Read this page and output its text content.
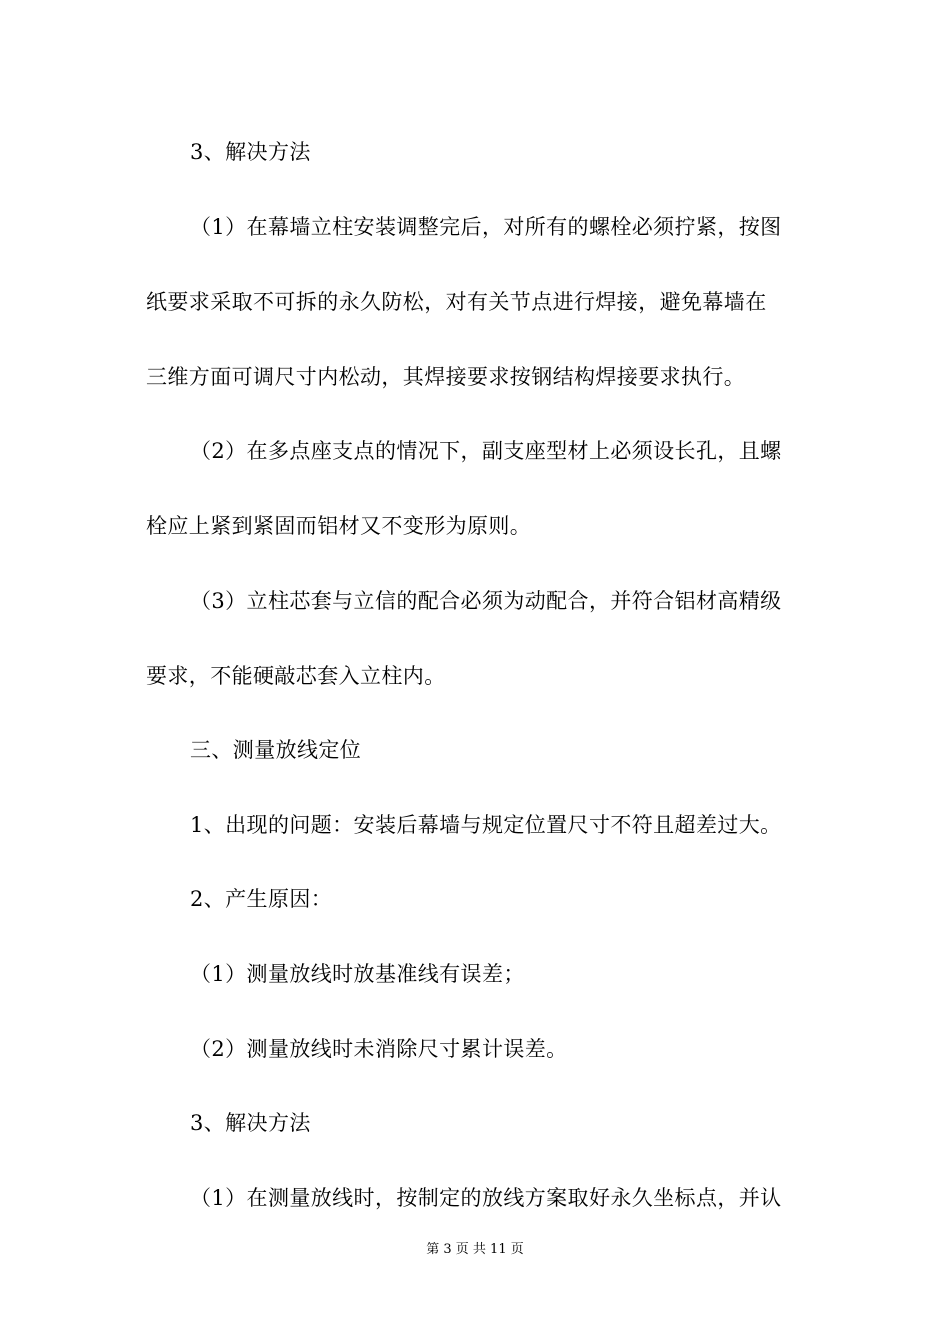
3、解决方法
（1）在幕墙立柱安装调整完后，对所有的螺栓必须拧紧，按图
纸要求采取不可拆的永久防松，对有关节点进行焊接，避免幕墙在
三维方面可调尺寸内松动，其焊接要求按钢结构焊接要求执行。
（2）在多点座支点的情况下，副支座型材上必须设长孔，且螺
栓应上紧到紧固而铝材又不变形为原则。
（3）立柱芯套与立信的配合必须为动配合，并符合铝材高精级
要求，不能硬敲芯套入立柱内。
三、测量放线定位
1、出现的问题：安装后幕墙与规定位置尺寸不符且超差过大。
2、产生原因：
（1）测量放线时放基准线有误差；
（2）测量放线时未消除尺寸累计误差。
3、解决方法
（1）在测量放线时，按制定的放线方案取好永久坐标点，并认
第 3 页 共 11 页
